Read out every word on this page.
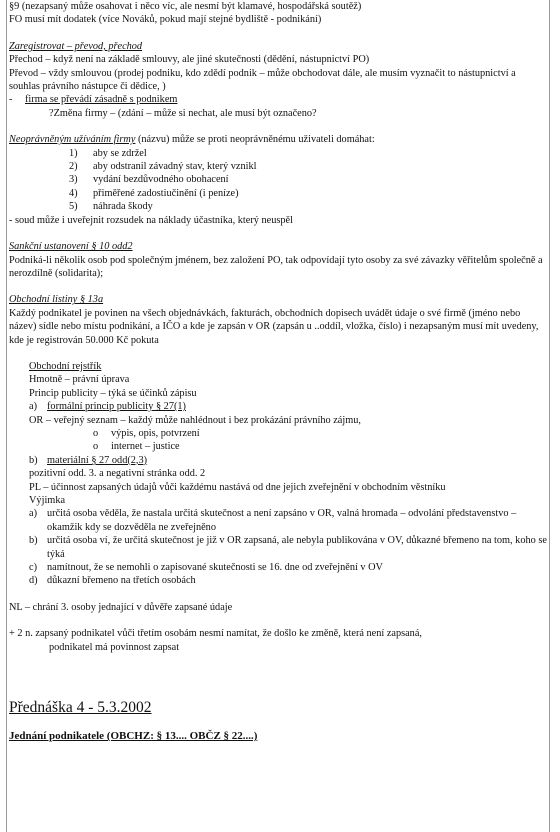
§9 (nezapsaný může osahovat i něco víc, ale nesmí být klamavé, hospodářská soutěž)

FO musí mít dodatek (více Nováků, pokud mají stejné bydliště - podnikání)

Zaregistrovat – převod, přechod

Přechod – když není na základě smlouvy, ale jiné skutečnosti (dědění, nástupnictví PO)

Převod – vždy smlouvou (prodej podniku, kdo zdědí podnik – může obchodovat dále, ale musím vyznačit to nástupnictví a souhlas právního nástupce či dědice, )

-	firma se převádí zásadně s podnikem

?Změna firmy – (zdání – může si nechat, ale musí být označeno?

Neoprávněným užíváním firmy (názvu) může se proti neoprávněnému uživateli domáhat:

1)	aby se zdržel
2)	aby odstranil závadný stav, který vznikl
3)	vydání bezdůvodného obohacení
4)	přiměřené zadostiučinění (i peníze)
5)	náhrada škody

- soud může i uveřejnit rozsudek na náklady účastníka, který neuspěl

Sankční ustanovení § 10 odd2

Podniká-li několik osob pod společným jménem, bez založení PO, tak odpovídají tyto osoby za své závazky věřitelům společně a nerozdílně (solidarita);

Obchodní listiny § 13a

Každý podnikatel je povinen na všech objednávkách, fakturách, obchodních dopisech uvádět údaje o své firmě (jméno nebo název) sídle nebo místu podnikání, a IČO a kde je zapsán v OR (zapsán u ..oddíl, vložka, číslo) i nezapsaným musí mít uvedeny, kde je registrován 50.000 Kč pokuta

Obchodní rejstřík

Hmotně – právní úprava

Princip publicity – týká se účinků zápisu

a) formální princip publicity § 27(1)

OR – veřejný seznam – každý může nahlédnout i bez prokázání právního zájmu,

o	výpis, opis, potvrzení
o	internet – justice
b) materiální § 27 odd(2,3)

pozitivní odd. 3. a negativní stránka odd. 2

PL – účinnost zapsaných údajů vůči každému nastává od dne jejich zveřejnění v obchodním věstníku

Výjimka

a) určitá osoba věděla, že nastala určitá skutečnost a není zapsáno v OR, valná hromada – odvolání představenstvo – okamžik kdy se dozvěděla ne zveřejněno
b) určitá osoba ví, že určitá skutečnost je již v OR zapsaná, ale nebyla publikována v OV, důkazné břemeno na tom, koho se týká
c) namítnout, že se nemohli o zapisované skutečnosti se 16. dne od zveřejnění v OV
d) důkazní břemeno na třetích osobách

NL – chrání 3. osoby jednající v důvěře zapsané údaje

+ 2 n. zapsaný podnikatel vůči třetím osobám nesmí namítat, že došlo ke změně, která není zapsaná,

podnikatel má povinnost zapsat

Přednáška 4 - 5.3.2002

Jednání podnikatele (OBCHZ: § 13.... OBČZ § 22....)
